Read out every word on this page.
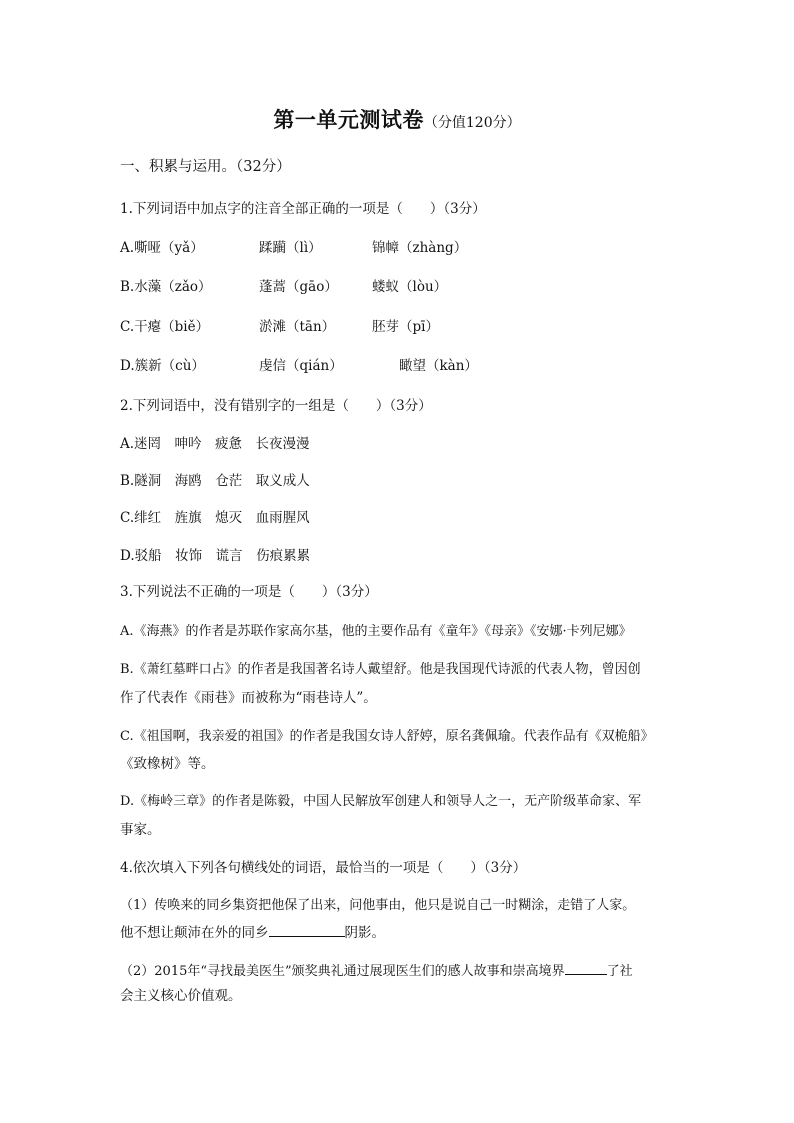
第一单元测试卷（分值120分）
一、积累与运用。（32分）
1.下列词语中加点字的注音全部正确的一项是（　　）（3分）
A.嘶哑（yǎ）	蹂躏（lì）	锦幛（zhàng）
B.水藻（zǎo）	蓬蒿（gāo）	蝼蚁（lòu）
C.干瘪（biě）	淤滩（tān）	胚芽（pī）
D.簇新（cù）	虔信（qián）	瞰望（kàn）
2.下列词语中，没有错别字的一组是（　　）（3分）
A.迷罔　呻吟　疲惫　长夜漫漫
B.隧洞　海鸥　仓茫　取义成人
C.绯红　旌旗　熄灭　血雨腥风
D.驳船　妆饰　谎言　伤痕累累
3.下列说法不正确的一项是（　　）（3分）
A.《海燕》的作者是苏联作家高尔基，他的主要作品有《童年》《母亲》《安娜·卡列尼娜》
B.《萧红墓畔口占》的作者是我国著名诗人戴望舒。他是我国现代诗派的代表人物，曾因创
作了代表作《雨巷》而被称为“雨巷诗人”。
C.《祖国啊，我亲爱的祖国》的作者是我国女诗人舒婷，原名龚佩瑜。代表作品有《双桅船》
《致橡树》等。
D.《梅岭三章》的作者是陈毅，中国人民解放军创建人和领导人之一，无产阶级革命家、军
事家。
4.依次填入下列各句横线处的词语，最恰当的一项是（　　）（3分）
（1）传唤来的同乡集资把他保了出来，问他事由，他只是说自己一时糊涂，走错了人家。
他不想让颠沛在外的同乡	阴影。
（2）2015年“寻找最美医生”颁奖典礼通过展现医生们的感人故事和崇高境界	了社
会主义核心价值观。
